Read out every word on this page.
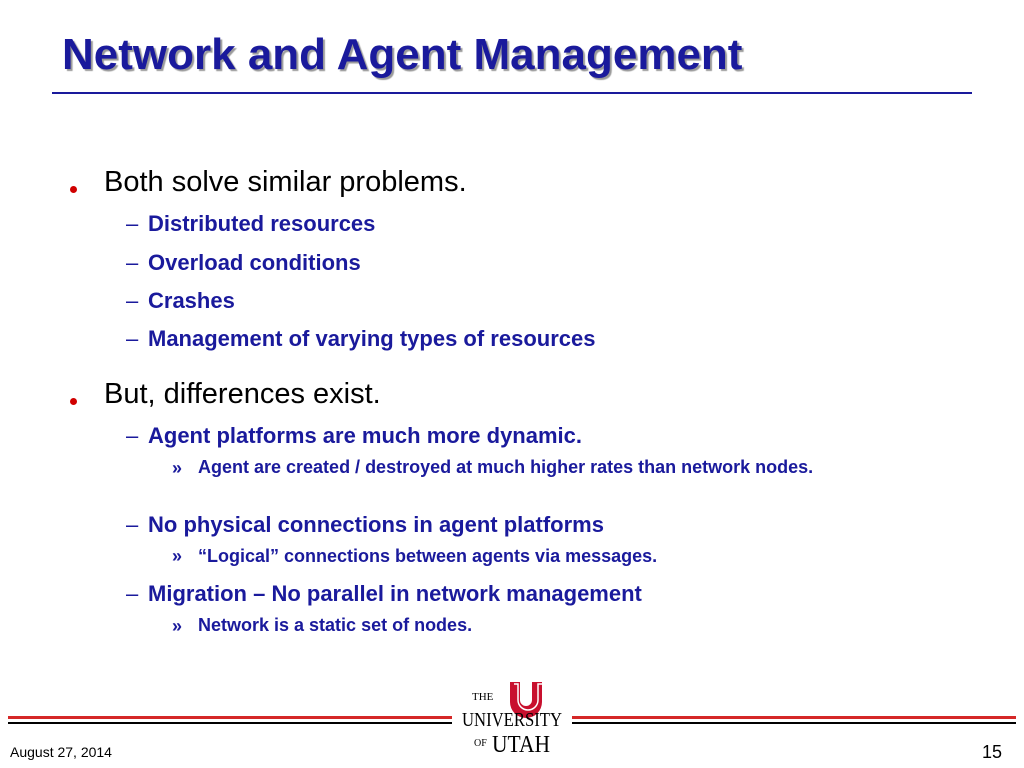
Network and Agent Management
Both solve similar problems.
– Distributed resources
– Overload conditions
– Crashes
– Management of varying types of resources
But, differences exist.
– Agent platforms are much more dynamic.
» Agent are created / destroyed at much higher rates than network nodes.
– No physical connections in agent platforms
» “Logical” connections between agents via messages.
– Migration – No parallel in network management
» Network is a static set of nodes.
THE
UNIVERSITY
OF UTAH
August 27, 2014	15
